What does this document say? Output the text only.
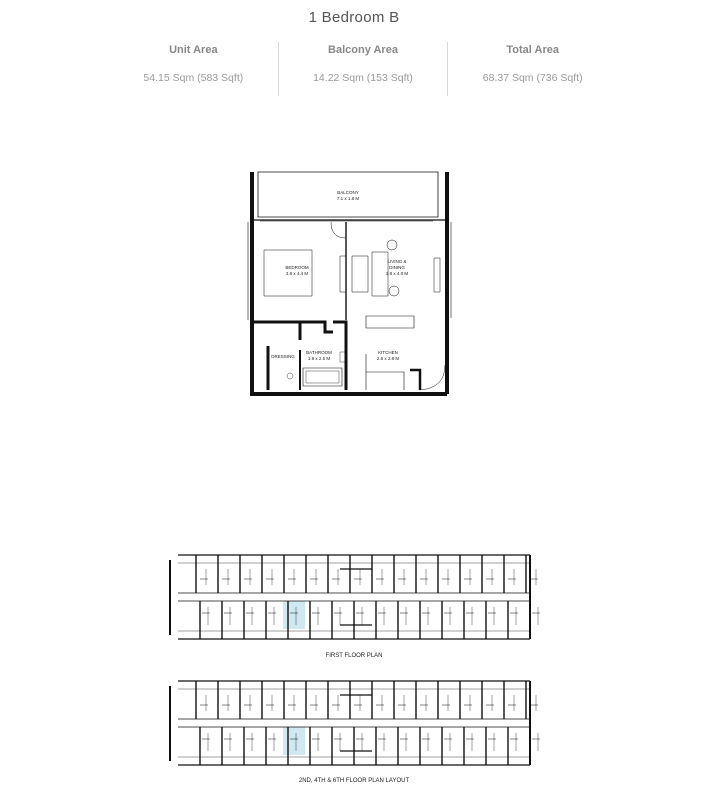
1 Bedroom B
Unit Area
54.15 Sqm (583 Sqft)
Balcony Area
14.22 Sqm (153 Sqft)
Total Area
68.37 Sqm (736 Sqft)
BALCONY
7.1 x 1.8 M
BEDROOM
3.8 x 4.4 M
LIVING &
DINING
3.8 x 4.0 M
DRESSING
BATHROOM
1.9 x 2.5 M
KITCHEN
2.6 x 2.8 M
FIRST FLOOR PLAN
2ND, 4TH & 6TH FLOOR PLAN LAYOUT
